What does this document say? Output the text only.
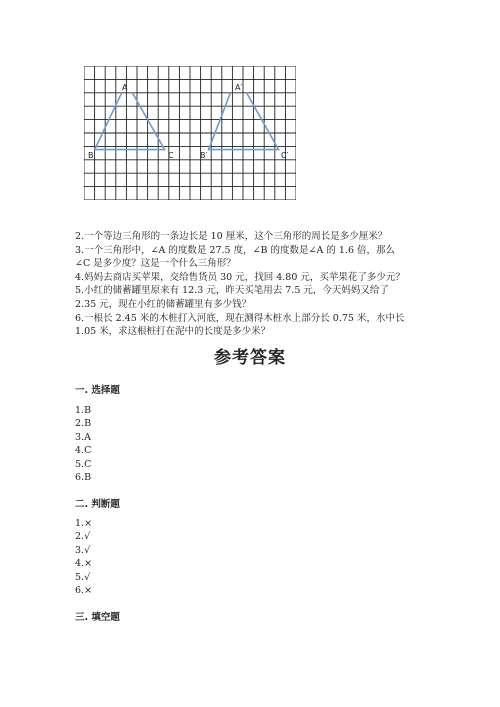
A
B	C
A′
B′	C′
2.一个等边三角形的一条边长是 10 厘米，这个三角形的周长是多少厘米？
3.一个三角形中，∠A 的度数是 27.5 度，∠B 的度数是∠A 的 1.6 倍，那么
∠C 是多少度？这是一个什么三角形？
4.妈妈去商店买苹果，交给售货员 30 元，找回 4.80 元，买苹果花了多少元？
5.小红的储蓄罐里原来有 12.3 元，昨天买笔用去 7.5 元，今天妈妈又给了
2.35 元，现在小红的储蓄罐里有多少钱？
6.一根长 2.45 米的木桩打入河底，现在测得木桩水上部分长 0.75 米，水中长
1.05 米，求这根桩打在泥中的长度是多少米？
参考答案
一. 选择题
1.B
2.B
3.A
4.C
5.C
6.B
二. 判断题
1.×
2.√
3.√
4.×
5.√
6.×
三. 填空题
